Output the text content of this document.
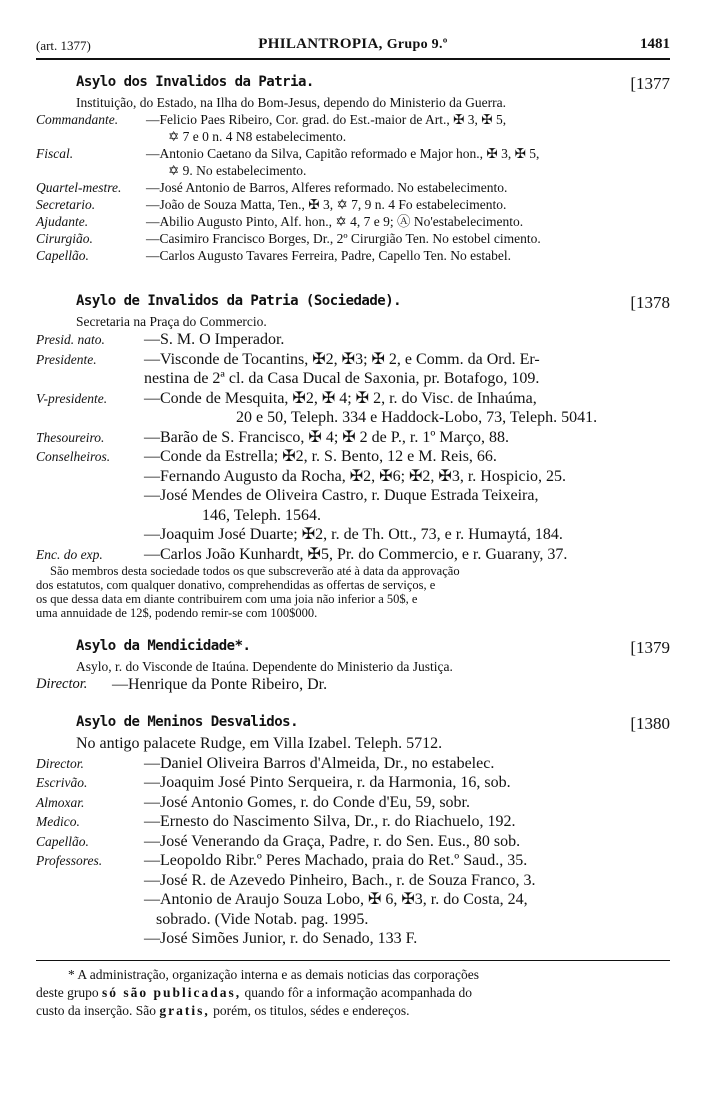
(art. 1377)	PHILANTROPIA, Grupo 9.º	1481
Asylo dos Invalidos da Patria.	[1377
Instituição, do Estado, na Ilha do Bom-Jesus, dependo do Ministerio da Guerra.
Commandante. —Felicio Paes Ribeiro, Cor. grad. do Est.-maior de Art., ✠ 3, ✠ 5,
✡ 7 e 0 n. 4 N8 estabelecimento.
Fiscal.	—Antonio Caetano da Silva, Capitão reformado e Major hon., ✠ 3, ✠ 5,
✡ 9. No estabelecimento.
Quartel-mestre. —José Antonio de Barros, Alferes reformado. No estabelecimento.
Secretario.	—João de Souza Matta, Ten., ✠ 3, ✡ 7, 9 n. 4 Fo estabelecimento.
Ajudante.	—Abilio Augusto Pinto, Alf. hon., ✡ 4, 7 e 9; Ⓐ No'estabelecimento.
Cirurgião.	—Casimiro Francisco Borges, Dr., 2º Cirurgião Ten. No estobel cimento.
Capellão.	—Carlos Augusto Tavares Ferreira, Padre, Capello Ten. No estabel.
Asylo de Invalidos da Patria (Sociedade).	[1378
Secretaria na Praça do Commercio.
Presid. nato. —S. M. O Imperador.
Presidente.	—Visconde de Tocantins, ✠2, ✠3; ✠ 2, e Comm. da Ord. Er-
nestina de 2ª cl. da Casa Ducal de Saxonia, pr. Botafogo, 109.
V-presidente. —Conde de Mesquita, ✠2, ✠ 4; ✠ 2, r. do Visc. de Inhaúma,
20 e 50, Teleph. 334 e Haddock-Lobo, 73, Teleph. 5041.
Thesoureiro. —Barão de S. Francisco, ✠ 4; ✠ 2 de P., r. 1º Março, 88.
Conselheiros. —Conde da Estrella; ✠2, r. S. Bento, 12 e M. Reis, 66.
—Fernando Augusto da Rocha, ✠2, ✠6; ✠2, ✠3, r. Hospicio, 25.
—José Mendes de Oliveira Castro, r. Duque Estrada Teixeira,
146, Teleph. 1564.
—Joaquim José Duarte; ✠2, r. de Th. Ott., 73, e r. Humaytá, 184.
Enc. do exp.	—Carlos João Kunhardt, ✠5, Pr. do Commercio, e r. Guarany, 37.
São membros desta sociedade todos os que subscreverão até à data da approvação
dos estatutos, com qualquer donativo, comprehendidas as offertas de serviços, e
os que dessa data em diante contribuirem com uma joia não inferior a 50$, e
uma annuidade de 12$, podendo remir-se com 100$000.
Asylo da Mendicidade*.	[1379
Asylo, r. do Visconde de Itaúna. Dependente do Ministerio da Justiça.
Director. —Henrique da Ponte Ribeiro, Dr.
Asylo de Meninos Desvalidos.	[1380
No antigo palacete Rudge, em Villa Izabel. Teleph. 5712.
Director.	—Daniel Oliveira Barros d'Almeida, Dr., no estabelec.
Escrivão.	—Joaquim José Pinto Serqueira, r. da Harmonia, 16, sob.
Almoxar.	—José Antonio Gomes, r. do Conde d'Eu, 59, sobr.
Medico.	—Ernesto do Nascimento Silva, Dr., r. do Riachuelo, 192.
Capellão.	—José Venerando da Graça, Padre, r. do Sen. Eus., 80 sob.
Professores.	—Leopoldo Ribr.º Peres Machado, praia do Ret.º Saud., 35.
—José R. de Azevedo Pinheiro, Bach., r. de Souza Franco, 3.
—Antonio de Araujo Souza Lobo, ✠ 6, ✠3, r. do Costa, 24,
sobrado. (Vide Notab. pag. 1995.
—José Simões Junior, r. do Senado, 133 F.
* A administração, organização interna e as demais noticias das corporações
deste grupo só são publicadas, quando fôr a informação acompanhada do
custo da inserção. São gratis, porém, os titulos, sédes e endereços.
